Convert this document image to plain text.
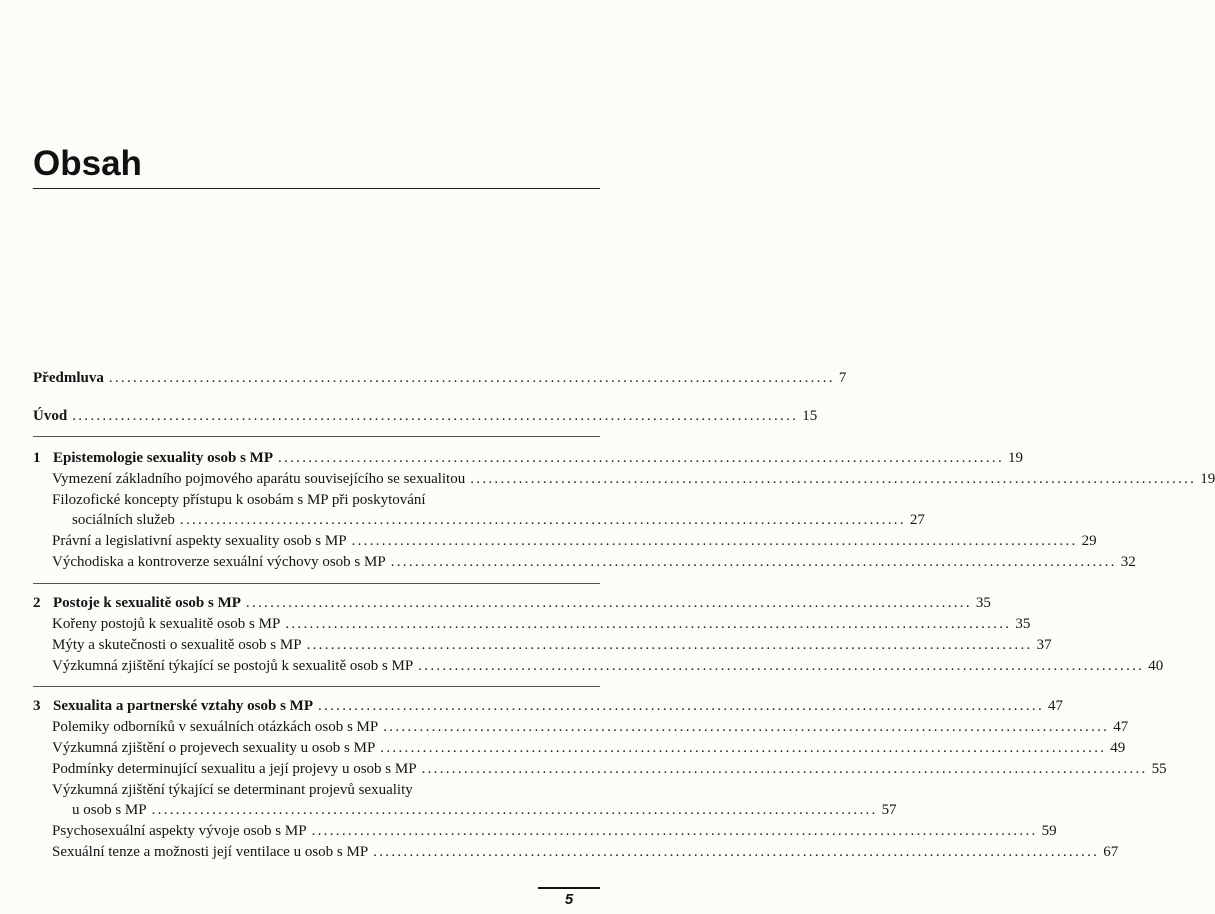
Obsah
Předmluva ........................................................................................................................ 7
Úvod ........................................................................................................................ 15
1 Epistemologie sexuality osob s MP ........................................................................................................................ 19
Vymezení základního pojmového aparátu souvisejícího se sexualitou ........................................................................................................................ 19
Filozofické koncepty přístupu k osobám s MP při poskytování
sociálních služeb ........................................................................................................................ 27
Právní a legislativní aspekty sexuality osob s MP ........................................................................................................................ 29
Východiska a kontroverze sexuální výchovy osob s MP ........................................................................................................................ 32
2 Postoje k sexualitě osob s MP ........................................................................................................................ 35
Kořeny postojů k sexualitě osob s MP ........................................................................................................................ 35
Mýty a skutečnosti o sexualitě osob s MP ........................................................................................................................ 37
Výzkumná zjištění týkající se postojů k sexualitě osob s MP ........................................................................................................................ 40
3 Sexualita a partnerské vztahy osob s MP ........................................................................................................................ 47
Polemiky odborníků v sexuálních otázkách osob s MP ........................................................................................................................ 47
Výzkumná zjištění o projevech sexuality u osob s MP ........................................................................................................................ 49
Podmínky determinující sexualitu a její projevy u osob s MP ........................................................................................................................ 55
Výzkumná zjištění týkající se determinant projevů sexuality
u osob s MP ........................................................................................................................ 57
Psychosexuální aspekty vývoje osob s MP ........................................................................................................................ 59
Sexuální tenze a možnosti její ventilace u osob s MP ........................................................................................................................ 67
5
